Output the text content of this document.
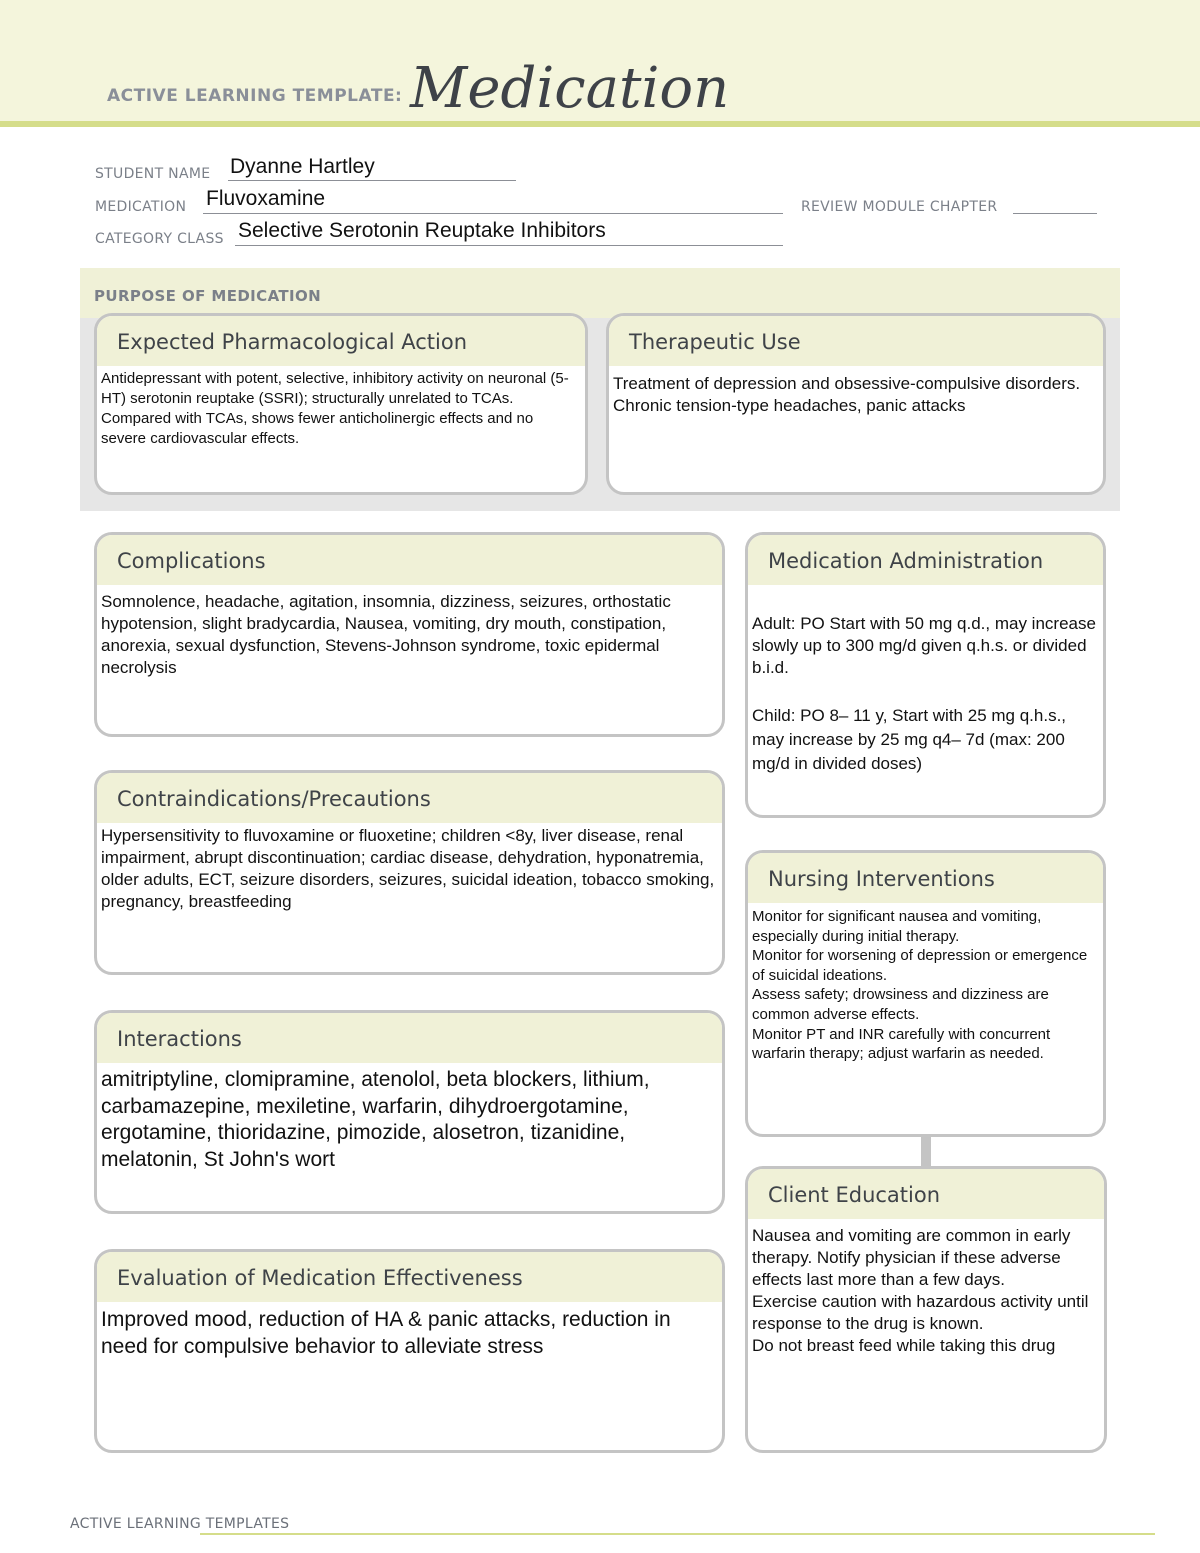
ACTIVE LEARNING TEMPLATE: Medication
STUDENT NAME Dyanne Hartley
MEDICATION Fluvoxamine	REVIEW MODULE CHAPTER
CATEGORY CLASS Selective Serotonin Reuptake Inhibitors
PURPOSE OF MEDICATION
Expected Pharmacological Action
Antidepressant with potent, selective, inhibitory activity on neuronal (5-HT) serotonin reuptake (SSRI); structurally unrelated to TCAs. Compared with TCAs, shows fewer anticholinergic effects and no severe cardiovascular effects.
Therapeutic Use
Treatment of depression and obsessive-compulsive disorders.
Chronic tension-type headaches, panic attacks
Complications
Somnolence, headache, agitation, insomnia, dizziness, seizures, orthostatic hypotension, slight bradycardia, Nausea, vomiting, dry mouth, constipation, anorexia, sexual dysfunction, Stevens-Johnson syndrome, toxic epidermal necrolysis
Medication Administration

Adult: PO Start with 50 mg q.d., may increase slowly up to 300 mg/d given q.h.s. or divided b.i.d.

Child: PO 8– 11 y, Start with 25 mg q.h.s., may increase by 25 mg q4– 7d (max: 200 mg/d in divided doses)

Contraindications/Precautions
Hypersensitivity to fluvoxamine or fluoxetine; children <8y, liver disease, renal impairment, abrupt discontinuation; cardiac disease, dehydration, hyponatremia, older adults, ECT, seizure disorders, seizures, suicidal ideation, tobacco smoking, pregnancy, breastfeeding
Nursing Interventions
Monitor for significant nausea and vomiting, especially during initial therapy.
Monitor for worsening of depression or emergence of suicidal ideations.
Assess safety; drowsiness and dizziness are common adverse effects.
Monitor PT and INR carefully with concurrent warfarin therapy; adjust warfarin as needed.
Interactions
amitriptyline, clomipramine, atenolol, beta blockers, lithium, carbamazepine, mexiletine, warfarin, dihydroergotamine, ergotamine, thioridazine, pimozide, alosetron, tizanidine, melatonin, St John's wort
Client Education
Nausea and vomiting are common in early therapy. Notify physician if these adverse effects last more than a few days.
Exercise caution with hazardous activity until response to the drug is known.
Do not breast feed while taking this drug
Evaluation of Medication Effectiveness
Improved mood, reduction of HA & panic attacks, reduction in need for compulsive behavior to alleviate stress
ACTIVE LEARNING TEMPLATES
